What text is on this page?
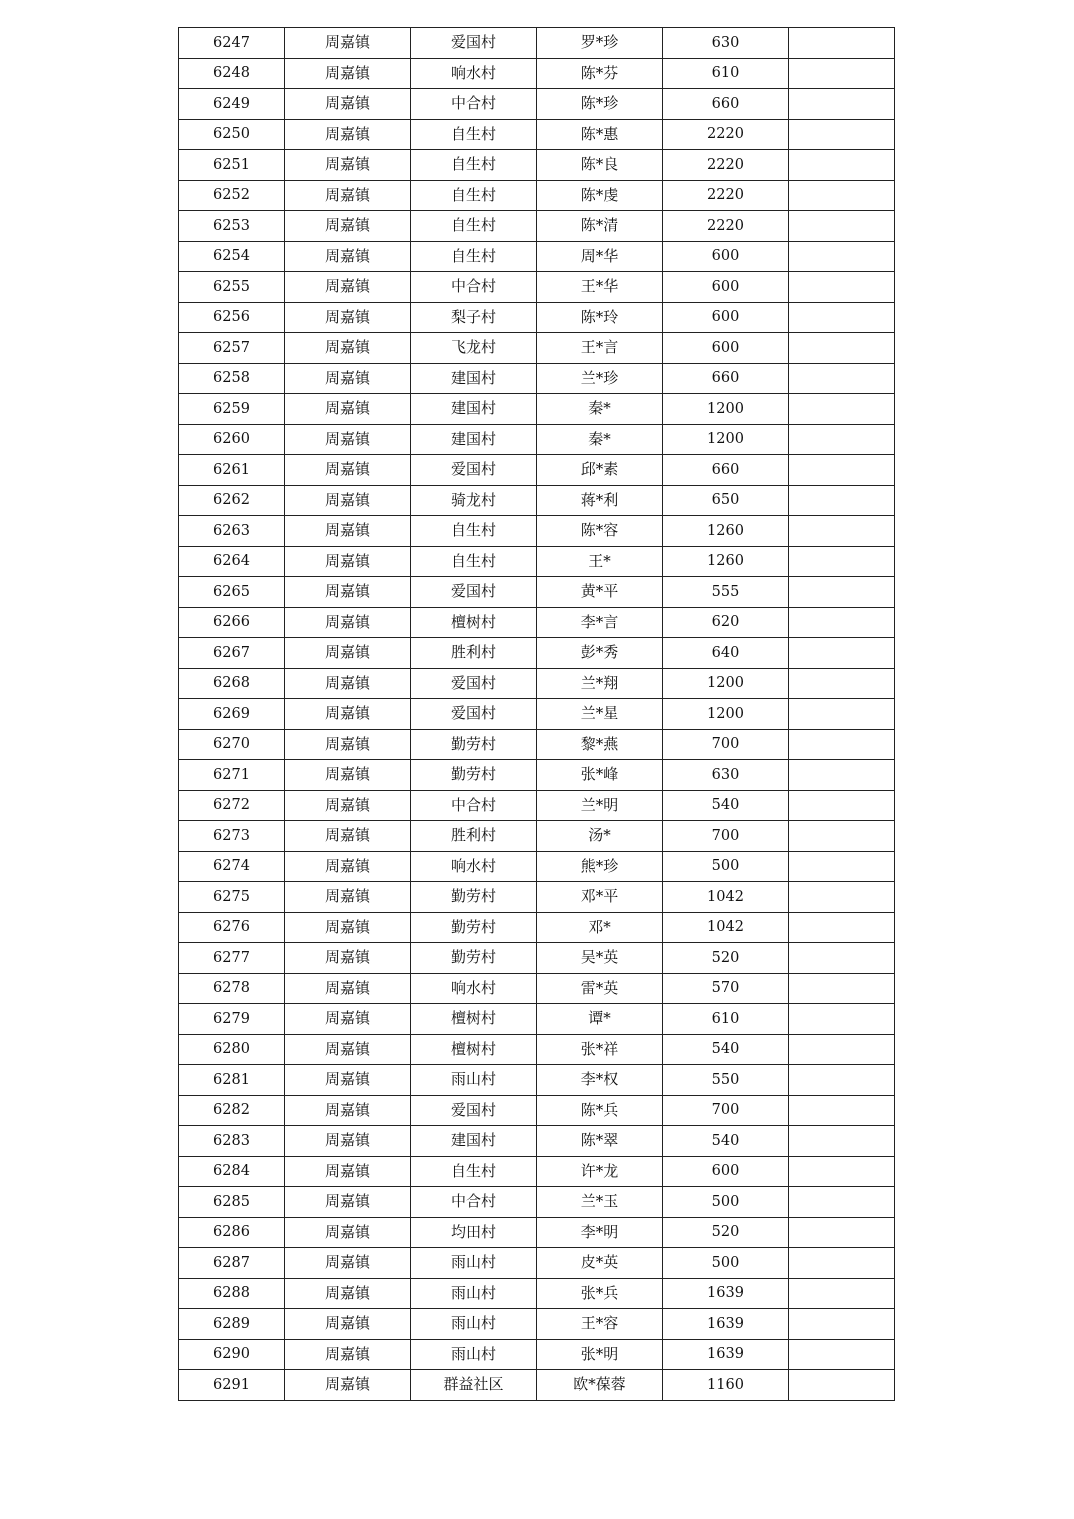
6247	周嘉镇	爱国村	罗*珍	630	
6248	周嘉镇	响水村	陈*芬	610	
6249	周嘉镇	中合村	陈*珍	660	
6250	周嘉镇	自生村	陈*惠	2220	
6251	周嘉镇	自生村	陈*良	2220	
6252	周嘉镇	自生村	陈*虔	2220	
6253	周嘉镇	自生村	陈*清	2220	
6254	周嘉镇	自生村	周*华	600	
6255	周嘉镇	中合村	王*华	600	
6256	周嘉镇	梨子村	陈*玲	600	
6257	周嘉镇	飞龙村	王*言	600	
6258	周嘉镇	建国村	兰*珍	660	
6259	周嘉镇	建国村	秦*	1200	
6260	周嘉镇	建国村	秦*	1200	
6261	周嘉镇	爱国村	邱*素	660	
6262	周嘉镇	骑龙村	蒋*利	650	
6263	周嘉镇	自生村	陈*容	1260	
6264	周嘉镇	自生村	王*	1260	
6265	周嘉镇	爱国村	黄*平	555	
6266	周嘉镇	檀树村	李*言	620	
6267	周嘉镇	胜利村	彭*秀	640	
6268	周嘉镇	爱国村	兰*翔	1200	
6269	周嘉镇	爱国村	兰*星	1200	
6270	周嘉镇	勤劳村	黎*燕	700	
6271	周嘉镇	勤劳村	张*峰	630	
6272	周嘉镇	中合村	兰*明	540	
6273	周嘉镇	胜利村	汤*	700	
6274	周嘉镇	响水村	熊*珍	500	
6275	周嘉镇	勤劳村	邓*平	1042	
6276	周嘉镇	勤劳村	邓*	1042	
6277	周嘉镇	勤劳村	吴*英	520	
6278	周嘉镇	响水村	雷*英	570	
6279	周嘉镇	檀树村	谭*	610	
6280	周嘉镇	檀树村	张*祥	540	
6281	周嘉镇	雨山村	李*权	550	
6282	周嘉镇	爱国村	陈*兵	700	
6283	周嘉镇	建国村	陈*翠	540	
6284	周嘉镇	自生村	许*龙	600	
6285	周嘉镇	中合村	兰*玉	500	
6286	周嘉镇	均田村	李*明	520	
6287	周嘉镇	雨山村	皮*英	500	
6288	周嘉镇	雨山村	张*兵	1639	
6289	周嘉镇	雨山村	王*容	1639	
6290	周嘉镇	雨山村	张*明	1639	
6291	周嘉镇	群益社区	欧*葆蓉	1160	
